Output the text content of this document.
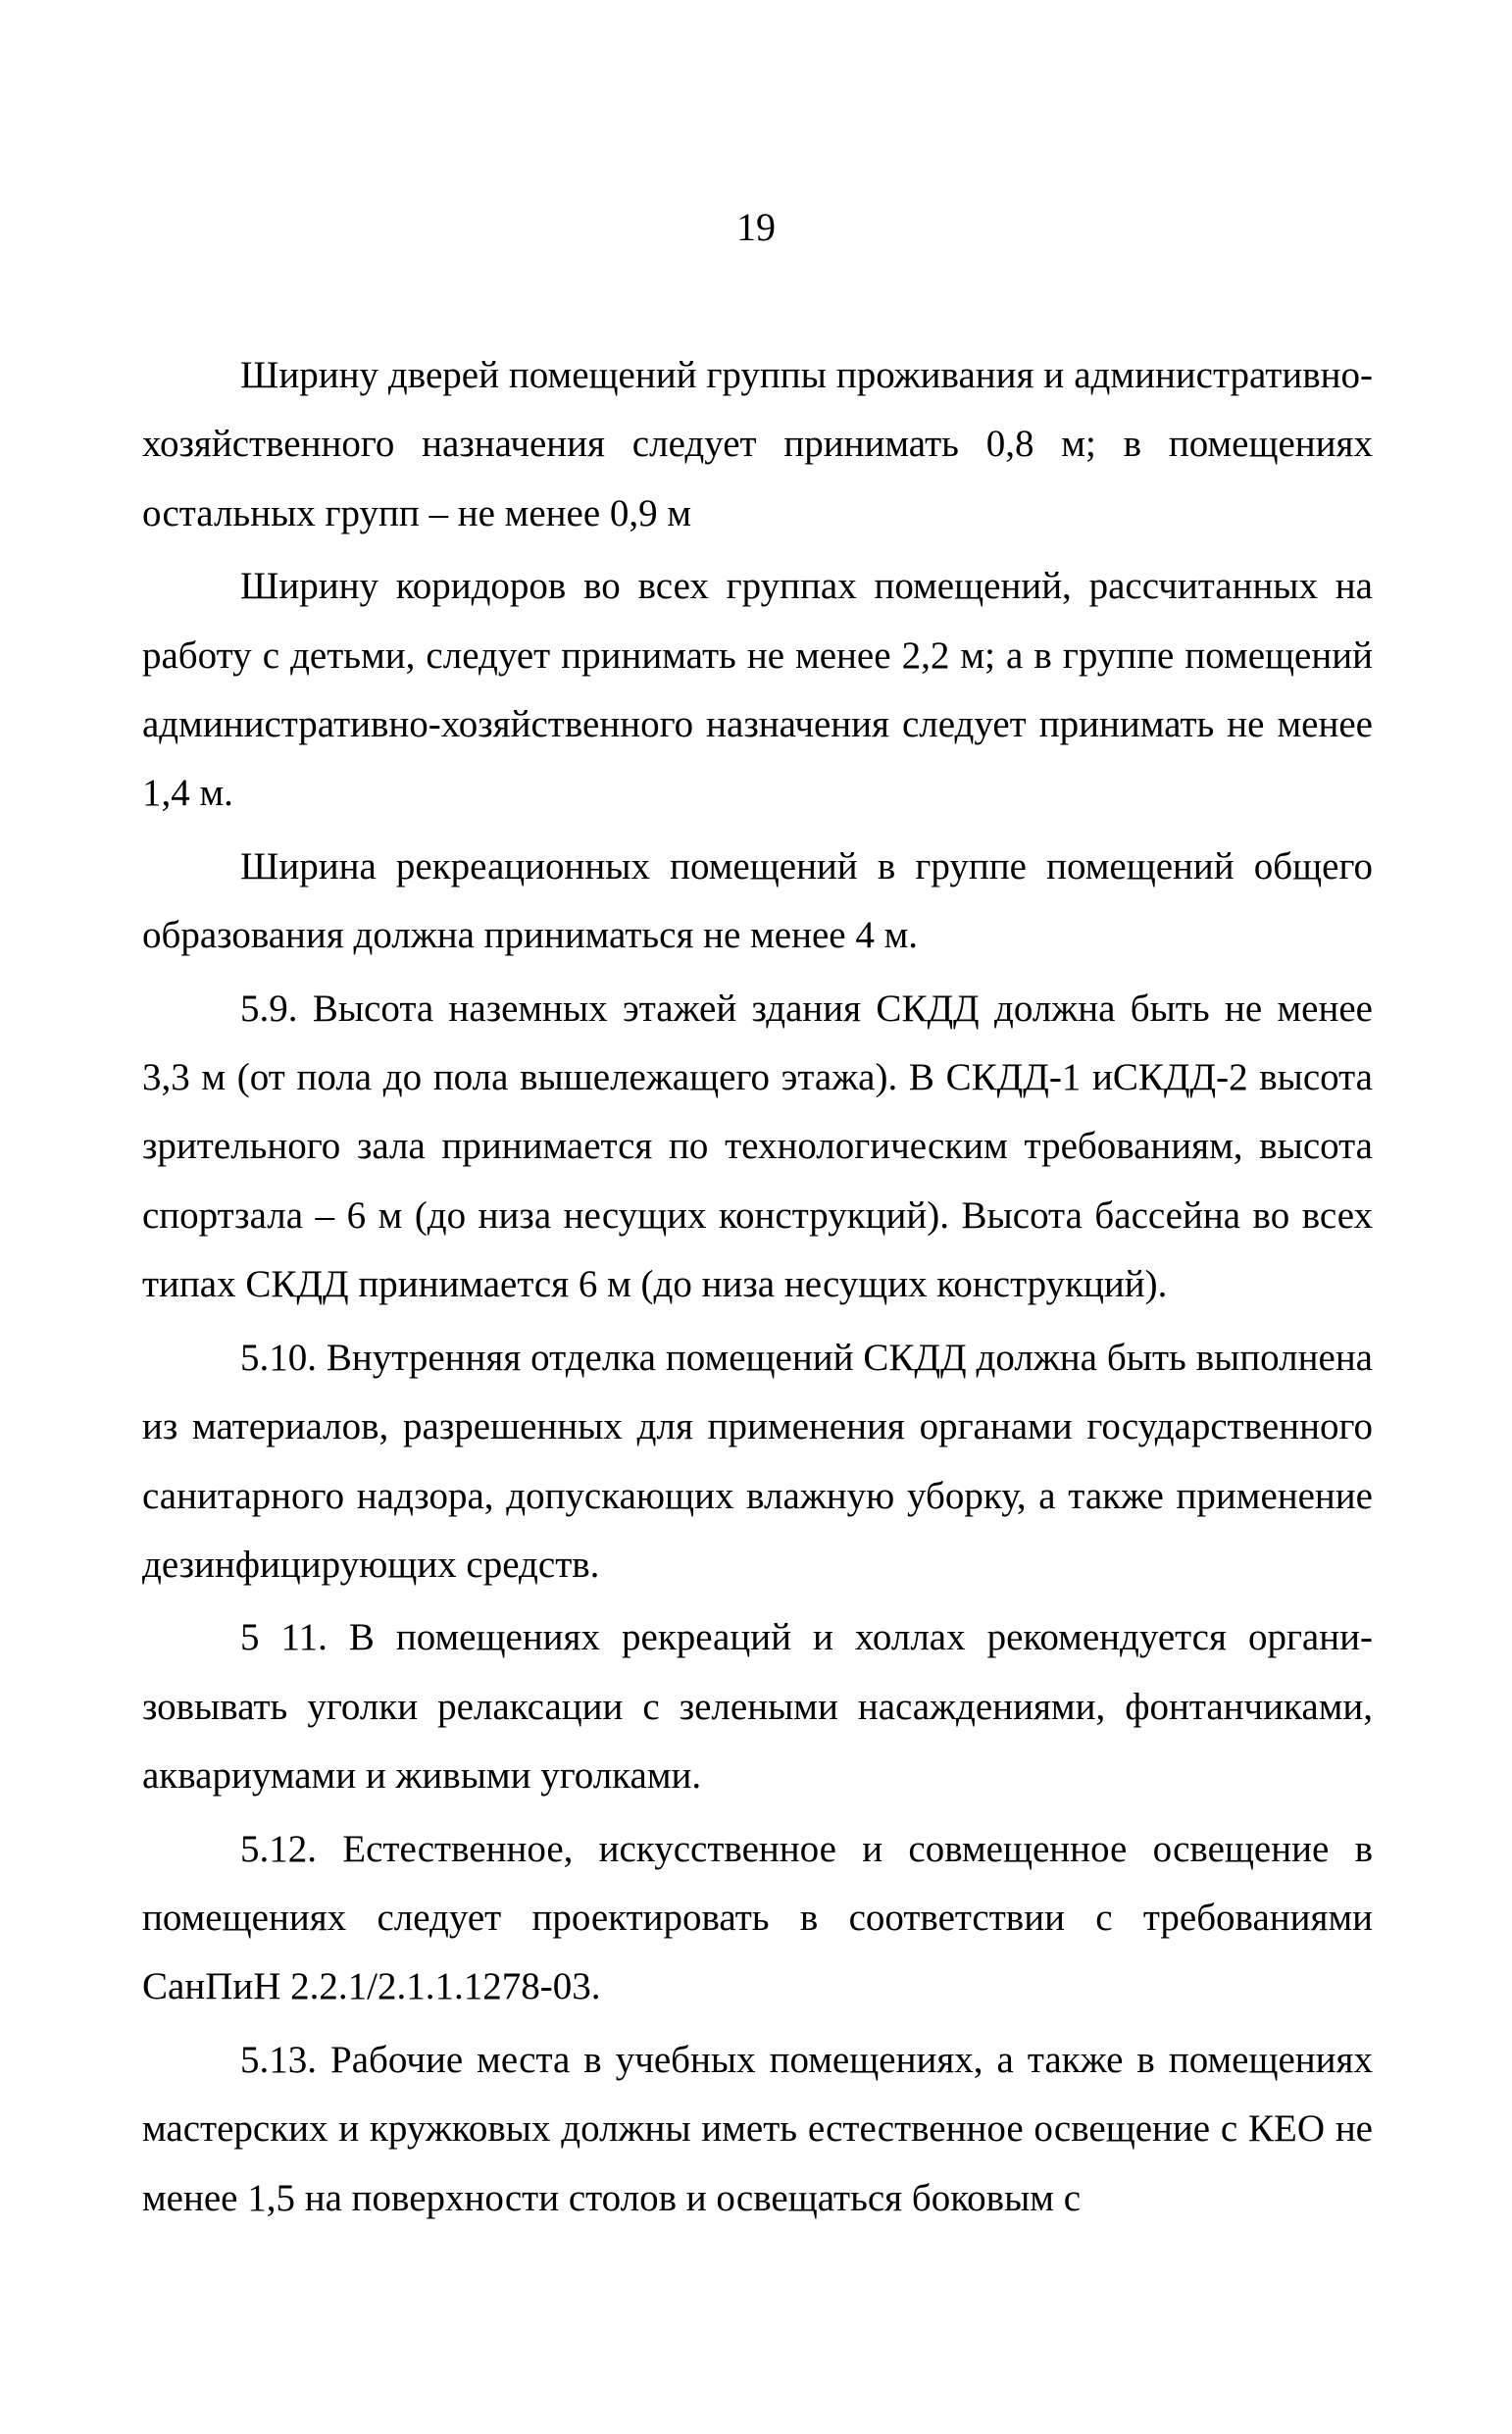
19

Ширину дверей помещений группы проживания и административно-хозяйственного назначения следует принимать 0,8 м; в помещениях остальных групп – не менее 0,9 м

Ширину коридоров во всех группах помещений, рассчитанных на работу с детьми, следует принимать не менее 2,2 м; а в группе помещений административно-хозяйственного назначения следует принимать не менее 1,4 м.

Ширина рекреационных помещений в группе помещений общего образования должна приниматься не менее 4 м.

5.9. Высота наземных этажей здания СКДД должна быть не менее 3,3 м (от пола до пола вышележащего этажа). В СКДД-1 иСКДД-2 высота зрительного зала принимается по технологическим требованиям, высота спортзала – 6 м (до низа несущих конструкций). Высота бассейна во всех типах СКДД принимается 6 м (до низа несущих конструкций).

5.10. Внутренняя отделка помещений СКДД должна быть выполнена из материалов, разрешенных для применения органами государственного санитарного надзора, допускающих влажную уборку, а также применение дезинфицирующих средств.

5 11. В помещениях рекреаций и холлах рекомендуется организовывать уголки релаксации с зелеными насаждениями, фонтанчиками, аквариумами и живыми уголками.

5.12. Естественное, искусственное и совмещенное освещение в помещениях следует проектировать в соответствии с требованиями СанПиН 2.2.1/2.1.1.1278-03.

5.13. Рабочие места в учебных помещениях, а также в помещениях мастерских и кружковых должны иметь естественное освещение с КЕО не менее 1,5 на поверхности столов и освещаться боковым с
